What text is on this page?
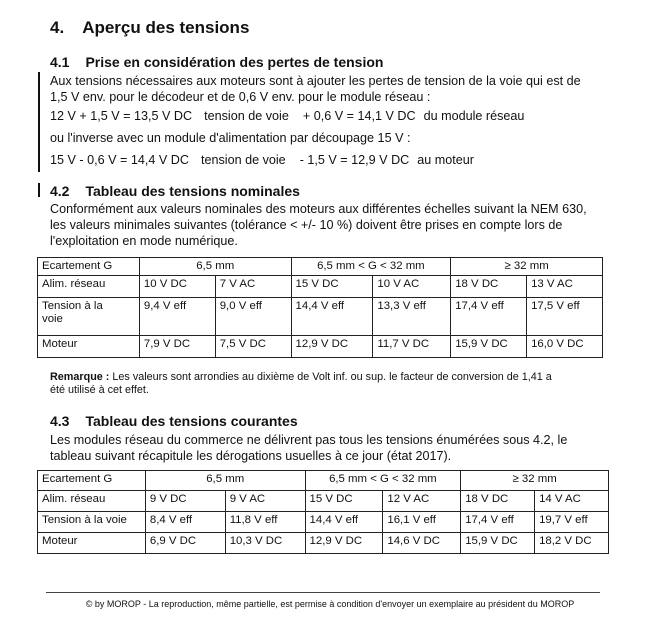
4. Aperçu des tensions
4.1 Prise en considération des pertes de tension
Aux tensions nécessaires aux moteurs sont à ajouter les pertes de tension de la voie qui est de
1,5 V env. pour le décodeur et de 0,6 V env. pour le module réseau :
12 V + 1,5 V = 13,5 V DC tension de voie + 0,6 V = 14,1 V DC du module réseau
ou l'inverse avec un module d'alimentation par découpage 15 V :
15 V - 0,6 V = 14,4 V DC tension de voie - 1,5 V = 12,9 V DC au moteur
4.2 Tableau des tensions nominales
Conformément aux valeurs nominales des moteurs aux différentes échelles suivant la NEM 630,
les valeurs minimales suivantes (tolérance < +/- 10 %) doivent être prises en compte lors de
l'exploitation en mode numérique.
Ecartement G	6,5 mm		6,5 mm < G < 32 mm		≥ 32 mm	
Alim. réseau	10 V DC	7 V AC	15 V DC	10 V AC	18 V DC	13 V AC
Tension à la
voie	9,4 V eff	9,0 V eff	14,4 V eff	13,3 V eff	17,4 V eff	17,5 V eff
Moteur	7,9 V DC	7,5 V DC	12,9 V DC	11,7 V DC	15,9 V DC	16,0 V DC
Remarque : Les valeurs sont arrondies au dixième de Volt inf. ou sup. le facteur de conversion de 1,41 a
été utilisé à cet effet.
4.3 Tableau des tensions courantes
Les modules réseau du commerce ne délivrent pas tous les tensions énumérées sous 4.2, le
tableau suivant récapitule les dérogations usuelles à ce jour (état 2017).
Ecartement G	6,5 mm		6,5 mm < G < 32 mm		≥ 32 mm	
Alim. réseau	9 V DC	9 V AC	15 V DC	12 V AC	18 V DC	14 V AC
Tension à la voie	8,4 V eff	11,8 V eff	14,4 V eff	16,1 V eff	17,4 V eff	19,7 V eff
Moteur	6,9 V DC	10,3 V DC	12,9 V DC	14,6 V DC	15,9 V DC	18,2 V DC
© by MOROP - La reproduction, même partielle, est permise à condition d'envoyer un exemplaire au président du MOROP
